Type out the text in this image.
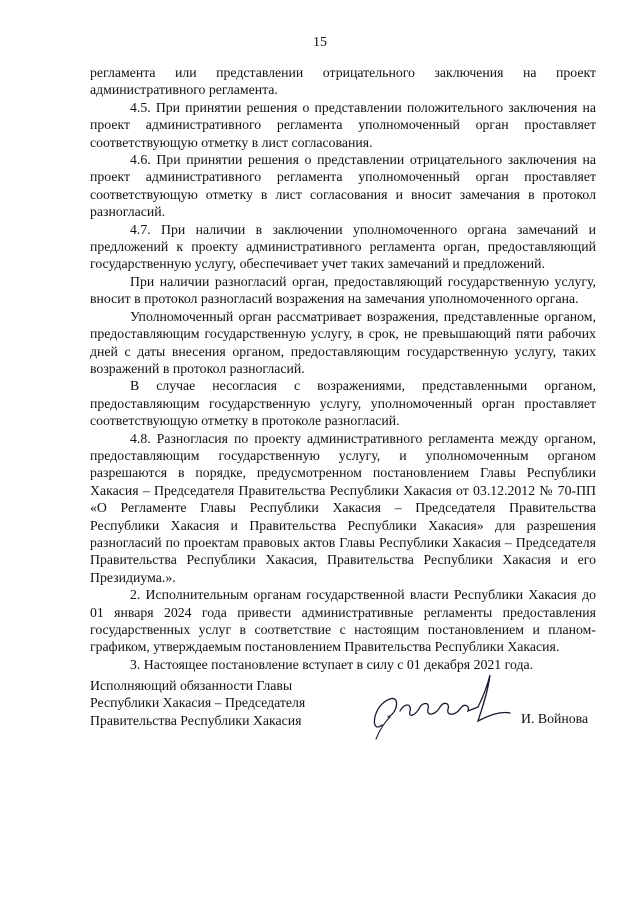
15

регламента или представлении отрицательного заключения на проект административного регламента.

4.5. При принятии решения о представлении положительного заключения на проект административного регламента уполномоченный орган проставляет соответствующую отметку в лист согласования.

4.6. При принятии решения о представлении отрицательного заключения на проект административного регламента уполномоченный орган проставляет соответствующую отметку в лист согласования и вносит замечания в протокол разногласий.

4.7. При наличии в заключении уполномоченного органа замечаний и предложений к проекту административного регламента орган, предоставляющий государственную услугу, обеспечивает учет таких замечаний и предложений.

При наличии разногласий орган, предоставляющий государственную услугу, вносит в протокол разногласий возражения на замечания уполномоченного органа.

Уполномоченный орган рассматривает возражения, представленные органом, предоставляющим государственную услугу, в срок, не превышающий пяти рабочих дней с даты внесения органом, предоставляющим государственную услугу, таких возражений в протокол разногласий.

В случае несогласия с возражениями, представленными органом, предоставляющим государственную услугу, уполномоченный орган проставляет соответствующую отметку в протоколе разногласий.

4.8. Разногласия по проекту административного регламента между органом, предоставляющим государственную услугу, и уполномоченным органом разрешаются в порядке, предусмотренном постановлением Главы Республики Хакасия – Председателя Правительства Республики Хакасия от 03.12.2012 № 70-ПП «О Регламенте Главы Республики Хакасия – Председателя Правительства Республики Хакасия и Правительства Республики Хакасия» для разрешения разногласий по проектам правовых актов Главы Республики Хакасия – Председателя Правительства Республики Хакасия, Правительства Республики Хакасия и его Президиума.».

2. Исполнительным органам государственной власти Республики Хакасия до 01 января 2024 года привести административные регламенты предоставления государственных услуг в соответствие с настоящим постановлением и планом-графиком, утверждаемым постановлением Правительства Республики Хакасия.

3. Настоящее постановление вступает в силу с 01 декабря 2021 года.

Исполняющий обязанности Главы
Республики Хакасия – Председателя
Правительства Республики Хакасия	И. Войнова
